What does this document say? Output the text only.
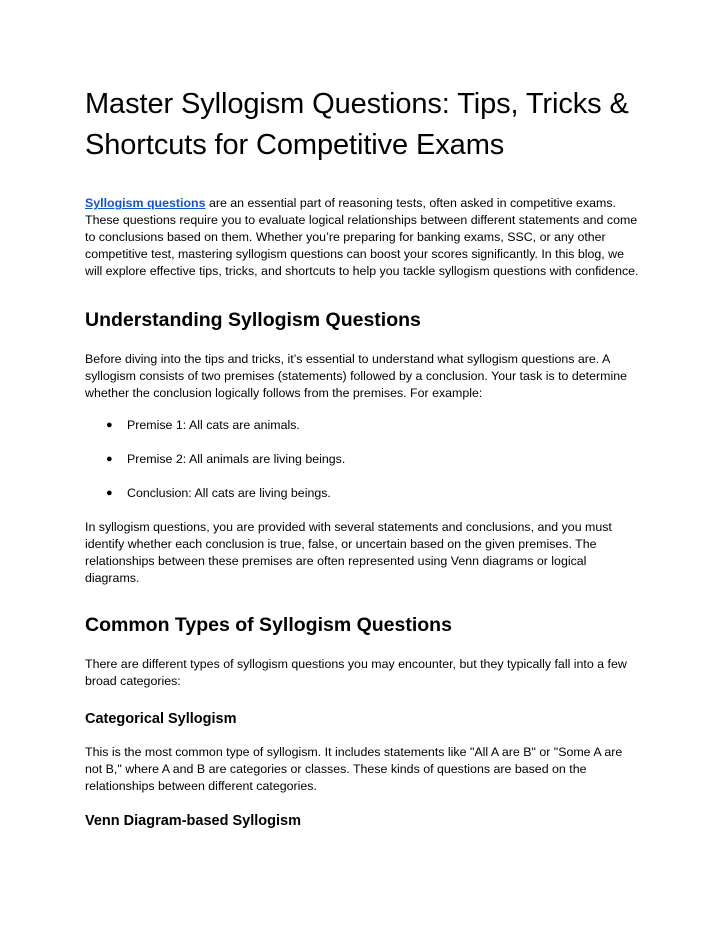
Master Syllogism Questions: Tips, Tricks & Shortcuts for Competitive Exams

Syllogism questions are an essential part of reasoning tests, often asked in competitive exams. These questions require you to evaluate logical relationships between different statements and come to conclusions based on them. Whether you’re preparing for banking exams, SSC, or any other competitive test, mastering syllogism questions can boost your scores significantly. In this blog, we will explore effective tips, tricks, and shortcuts to help you tackle syllogism questions with confidence.

Understanding Syllogism Questions

Before diving into the tips and tricks, it’s essential to understand what syllogism questions are. A syllogism consists of two premises (statements) followed by a conclusion. Your task is to determine whether the conclusion logically follows from the premises. For example:

● Premise 1: All cats are animals.
● Premise 2: All animals are living beings.
● Conclusion: All cats are living beings.

In syllogism questions, you are provided with several statements and conclusions, and you must identify whether each conclusion is true, false, or uncertain based on the given premises. The relationships between these premises are often represented using Venn diagrams or logical diagrams.

Common Types of Syllogism Questions

There are different types of syllogism questions you may encounter, but they typically fall into a few broad categories:

Categorical Syllogism

This is the most common type of syllogism. It includes statements like "All A are B" or "Some A are not B," where A and B are categories or classes. These kinds of questions are based on the relationships between different categories.

Venn Diagram-based Syllogism
